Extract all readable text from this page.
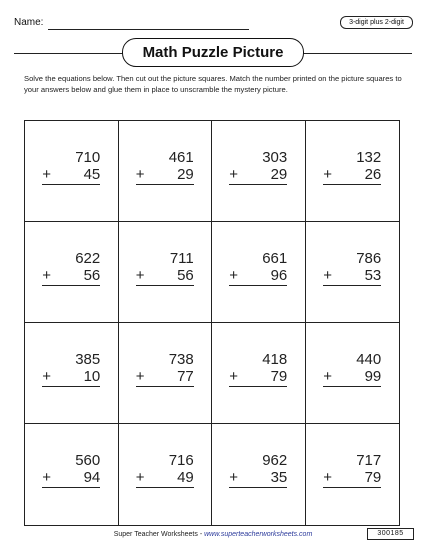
Name:	3-digit plus 2-digit
Math Puzzle Picture
Solve the equations below. Then cut out the picture squares. Match the number printed on the picture squares to your answers below and glue them in place to unscramble the mystery picture.
710
+ 45
461
+ 29
303
+ 29
132
+ 26
622
+ 56
711
+ 56
661
+ 96
786
+ 53
385
+ 10
738
+ 77
418
+ 79
440
+ 99
560
+ 94
716
+ 49
962
+ 35
717
+ 79
Super Teacher Worksheets - www.superteacherworksheets.com	300185
